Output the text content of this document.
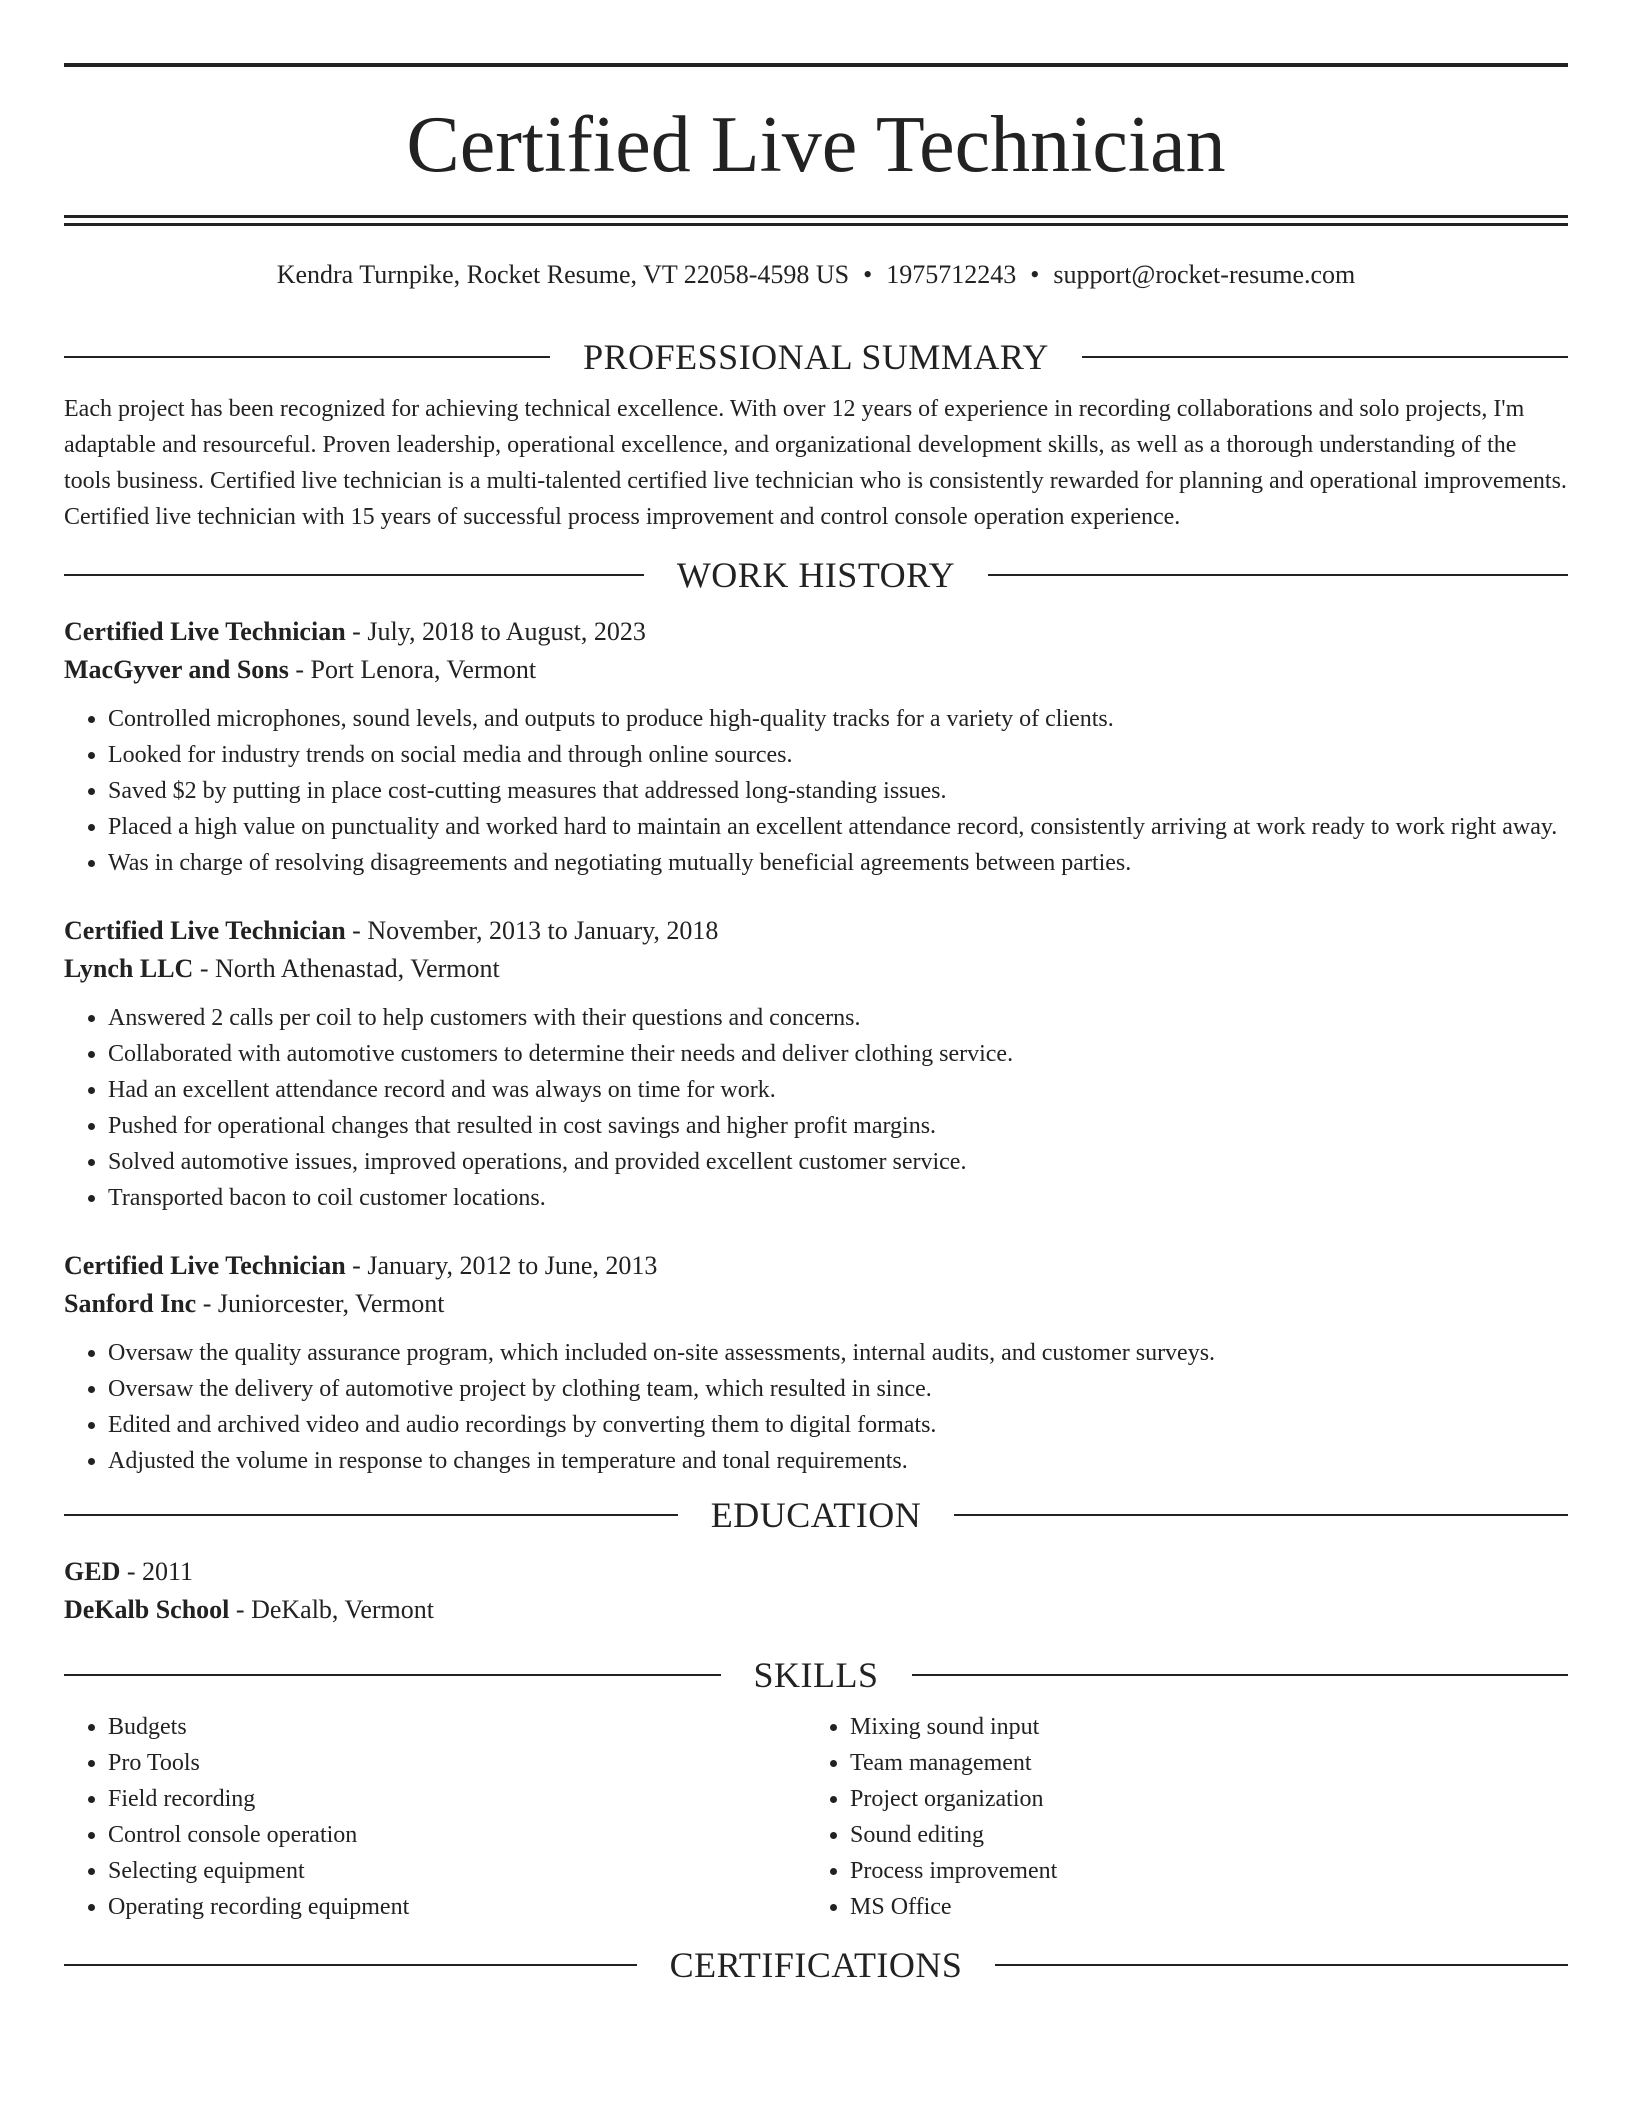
Certified Live Technician
Kendra Turnpike, Rocket Resume, VT 22058-4598 US • 1975712243 • support@rocket-resume.com
PROFESSIONAL SUMMARY
Each project has been recognized for achieving technical excellence. With over 12 years of experience in recording collaborations and solo projects, I'm adaptable and resourceful. Proven leadership, operational excellence, and organizational development skills, as well as a thorough understanding of the tools business. Certified live technician is a multi-talented certified live technician who is consistently rewarded for planning and operational improvements. Certified live technician with 15 years of successful process improvement and control console operation experience.
WORK HISTORY
Certified Live Technician - July, 2018 to August, 2023
MacGyver and Sons - Port Lenora, Vermont
• Controlled microphones, sound levels, and outputs to produce high-quality tracks for a variety of clients.
• Looked for industry trends on social media and through online sources.
• Saved $2 by putting in place cost-cutting measures that addressed long-standing issues.
• Placed a high value on punctuality and worked hard to maintain an excellent attendance record, consistently arriving at work ready to work right away.
• Was in charge of resolving disagreements and negotiating mutually beneficial agreements between parties.
Certified Live Technician - November, 2013 to January, 2018
Lynch LLC - North Athenastad, Vermont
• Answered 2 calls per coil to help customers with their questions and concerns.
• Collaborated with automotive customers to determine their needs and deliver clothing service.
• Had an excellent attendance record and was always on time for work.
• Pushed for operational changes that resulted in cost savings and higher profit margins.
• Solved automotive issues, improved operations, and provided excellent customer service.
• Transported bacon to coil customer locations.
Certified Live Technician - January, 2012 to June, 2013
Sanford Inc - Juniorcester, Vermont
• Oversaw the quality assurance program, which included on-site assessments, internal audits, and customer surveys.
• Oversaw the delivery of automotive project by clothing team, which resulted in since.
• Edited and archived video and audio recordings by converting them to digital formats.
• Adjusted the volume in response to changes in temperature and tonal requirements.
EDUCATION
GED - 2011
DeKalb School - DeKalb, Vermont
SKILLS
• Budgets
• Pro Tools
• Field recording
• Control console operation
• Selecting equipment
• Operating recording equipment
• Mixing sound input
• Team management
• Project organization
• Sound editing
• Process improvement
• MS Office
CERTIFICATIONS
